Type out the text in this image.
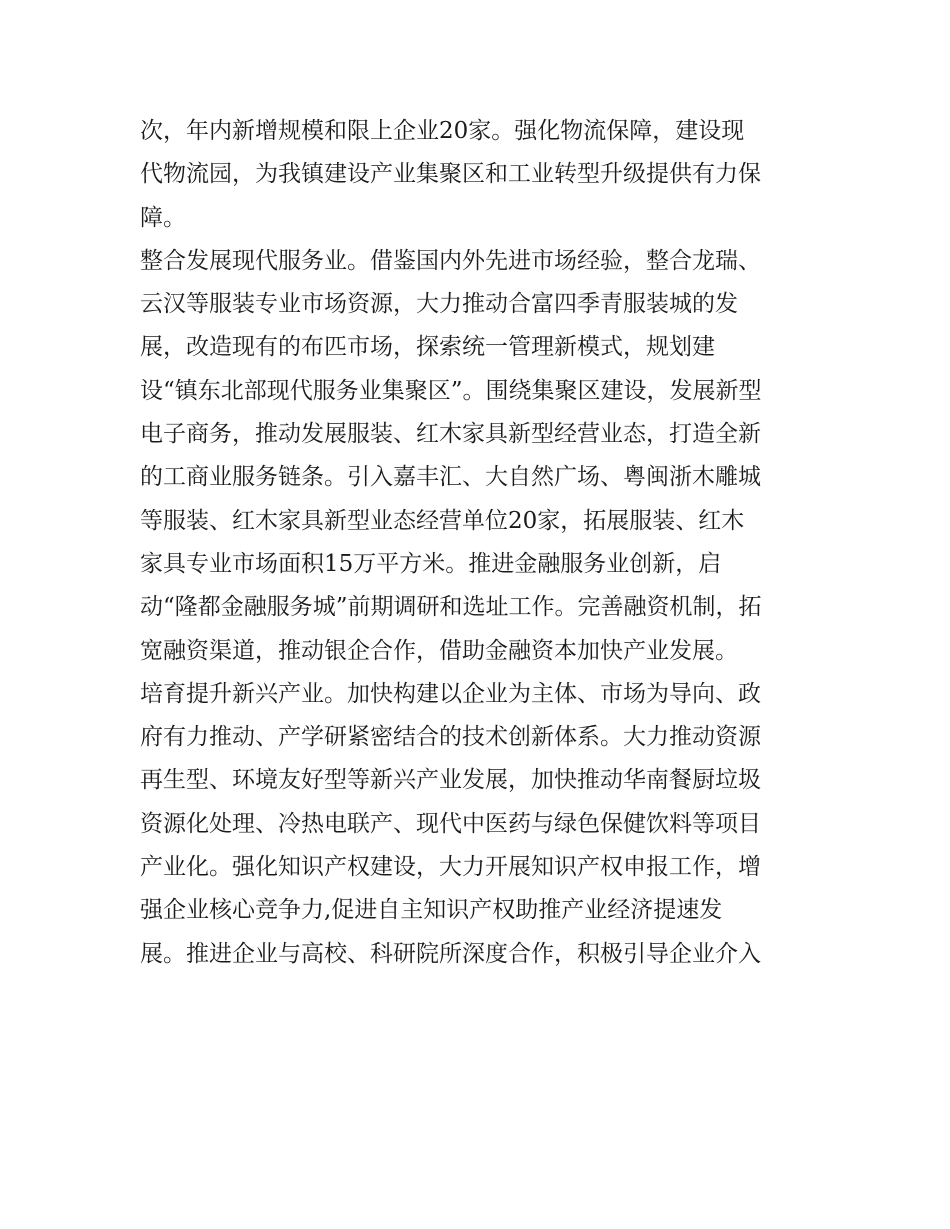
次，年内新增规模和限上企业20家。强化物流保障，建设现
代物流园，为我镇建设产业集聚区和工业转型升级提供有力保
障。
整合发展现代服务业。借鉴国内外先进市场经验，整合龙瑞、
云汉等服装专业市场资源，大力推动合富四季青服装城的发
展，改造现有的布匹市场，探索统一管理新模式，规划建
设“镇东北部现代服务业集聚区”。围绕集聚区建设，发展新型
电子商务，推动发展服装、红木家具新型经营业态，打造全新
的工商业服务链条。引入嘉丰汇、大自然广场、粤闽浙木雕城
等服装、红木家具新型业态经营单位20家，拓展服装、红木
家具专业市场面积15万平方米。推进金融服务业创新，启
动“隆都金融服务城”前期调研和选址工作。完善融资机制，拓
宽融资渠道，推动银企合作，借助金融资本加快产业发展。
培育提升新兴产业。加快构建以企业为主体、市场为导向、政
府有力推动、产学研紧密结合的技术创新体系。大力推动资源
再生型、环境友好型等新兴产业发展，加快推动华南餐厨垃圾
资源化处理、冷热电联产、现代中医药与绿色保健饮料等项目
产业化。强化知识产权建设，大力开展知识产权申报工作，增
强企业核心竞争力,促进自主知识产权助推产业经济提速发
展。推进企业与高校、科研院所深度合作，积极引导企业介入
